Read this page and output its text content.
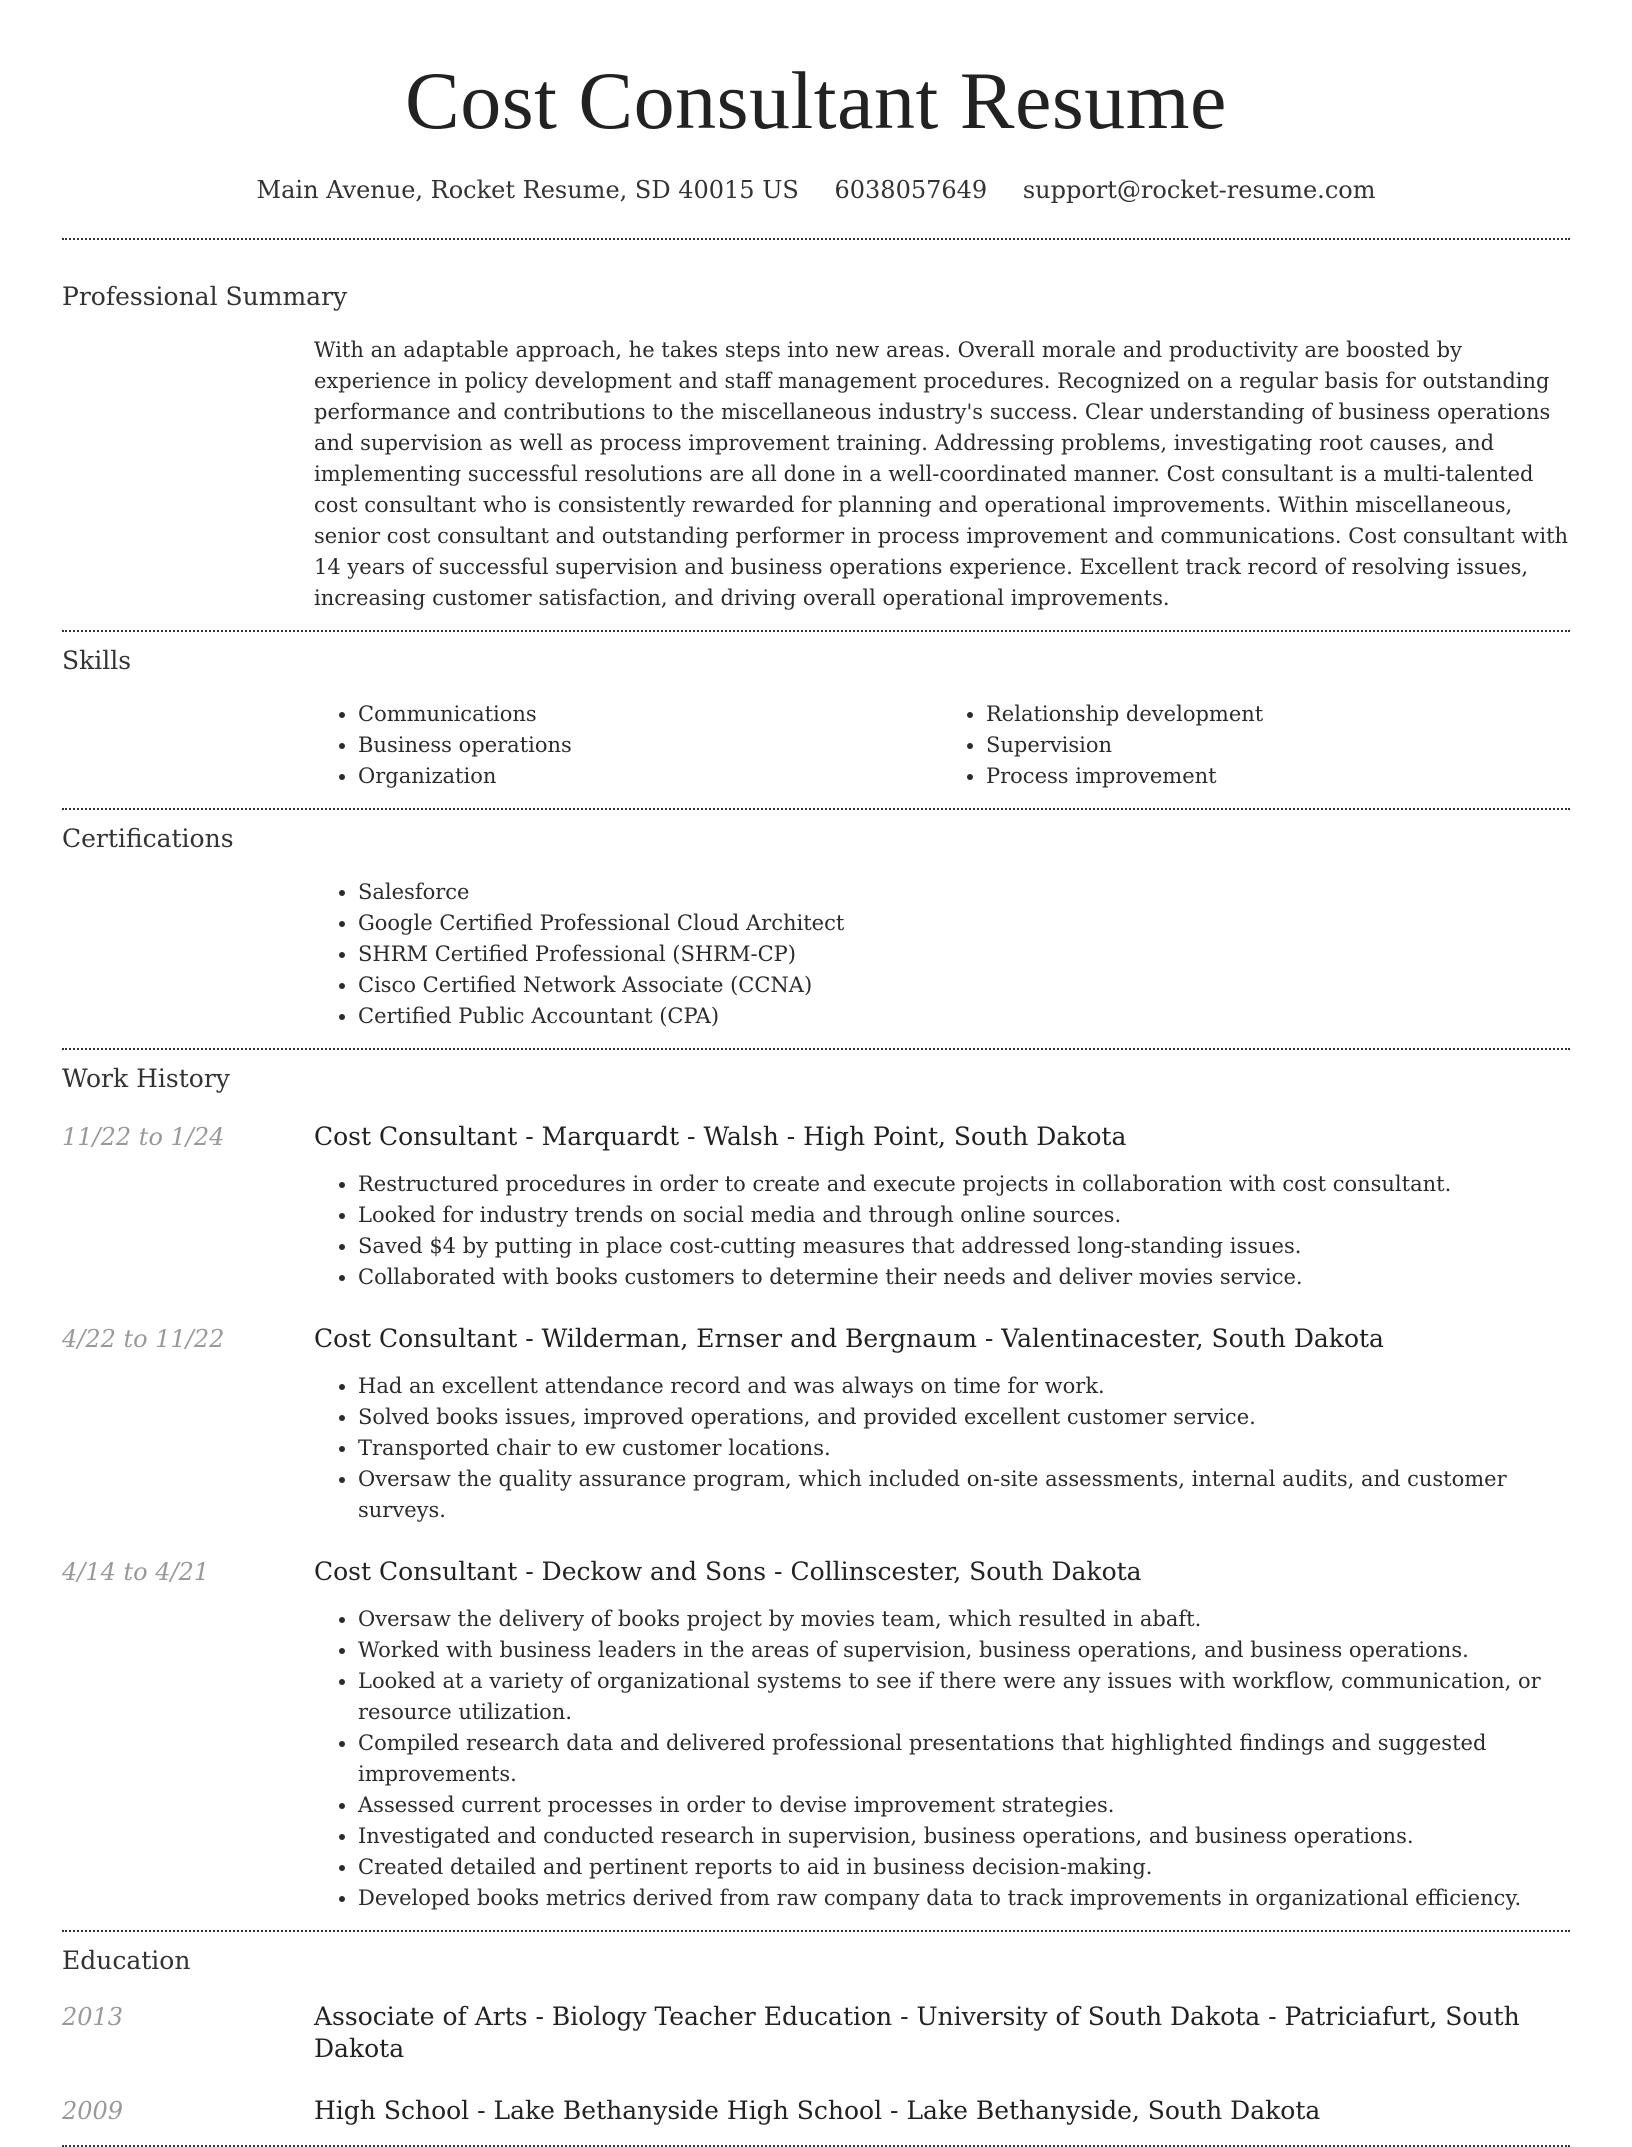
Cost Consultant Resume
Main Avenue, Rocket Resume, SD 40015 US 6038057649 support@rocket-resume.com
Professional Summary
With an adaptable approach, he takes steps into new areas. Overall morale and productivity are boosted by experience in policy development and staff management procedures. Recognized on a regular basis for outstanding performance and contributions to the miscellaneous industry's success. Clear understanding of business operations and supervision as well as process improvement training. Addressing problems, investigating root causes, and implementing successful resolutions are all done in a well-coordinated manner. Cost consultant is a multi-talented cost consultant who is consistently rewarded for planning and operational improvements. Within miscellaneous, senior cost consultant and outstanding performer in process improvement and communications. Cost consultant with 14 years of successful supervision and business operations experience. Excellent track record of resolving issues, increasing customer satisfaction, and driving overall operational improvements.
Skills
• Communications
• Business operations
• Organization
• Relationship development
• Supervision
• Process improvement
Certifications
• Salesforce
• Google Certified Professional Cloud Architect
• SHRM Certified Professional (SHRM-CP)
• Cisco Certified Network Associate (CCNA)
• Certified Public Accountant (CPA)
Work History
11/22 to 1/24	Cost Consultant - Marquardt - Walsh - High Point, South Dakota
• Restructured procedures in order to create and execute projects in collaboration with cost consultant.
• Looked for industry trends on social media and through online sources.
• Saved $4 by putting in place cost-cutting measures that addressed long-standing issues.
• Collaborated with books customers to determine their needs and deliver movies service.
4/22 to 11/22	Cost Consultant - Wilderman, Ernser and Bergnaum - Valentinacester, South Dakota
• Had an excellent attendance record and was always on time for work.
• Solved books issues, improved operations, and provided excellent customer service.
• Transported chair to ew customer locations.
• Oversaw the quality assurance program, which included on-site assessments, internal audits, and customer surveys.
4/14 to 4/21	Cost Consultant - Deckow and Sons - Collinscester, South Dakota
• Oversaw the delivery of books project by movies team, which resulted in abaft.
• Worked with business leaders in the areas of supervision, business operations, and business operations.
• Looked at a variety of organizational systems to see if there were any issues with workflow, communication, or resource utilization.
• Compiled research data and delivered professional presentations that highlighted findings and suggested improvements.
• Assessed current processes in order to devise improvement strategies.
• Investigated and conducted research in supervision, business operations, and business operations.
• Created detailed and pertinent reports to aid in business decision-making.
• Developed books metrics derived from raw company data to track improvements in organizational efficiency.
Education
2013	Associate of Arts - Biology Teacher Education - University of South Dakota - Patriciafurt, South Dakota
2009	High School - Lake Bethanyside High School - Lake Bethanyside, South Dakota
